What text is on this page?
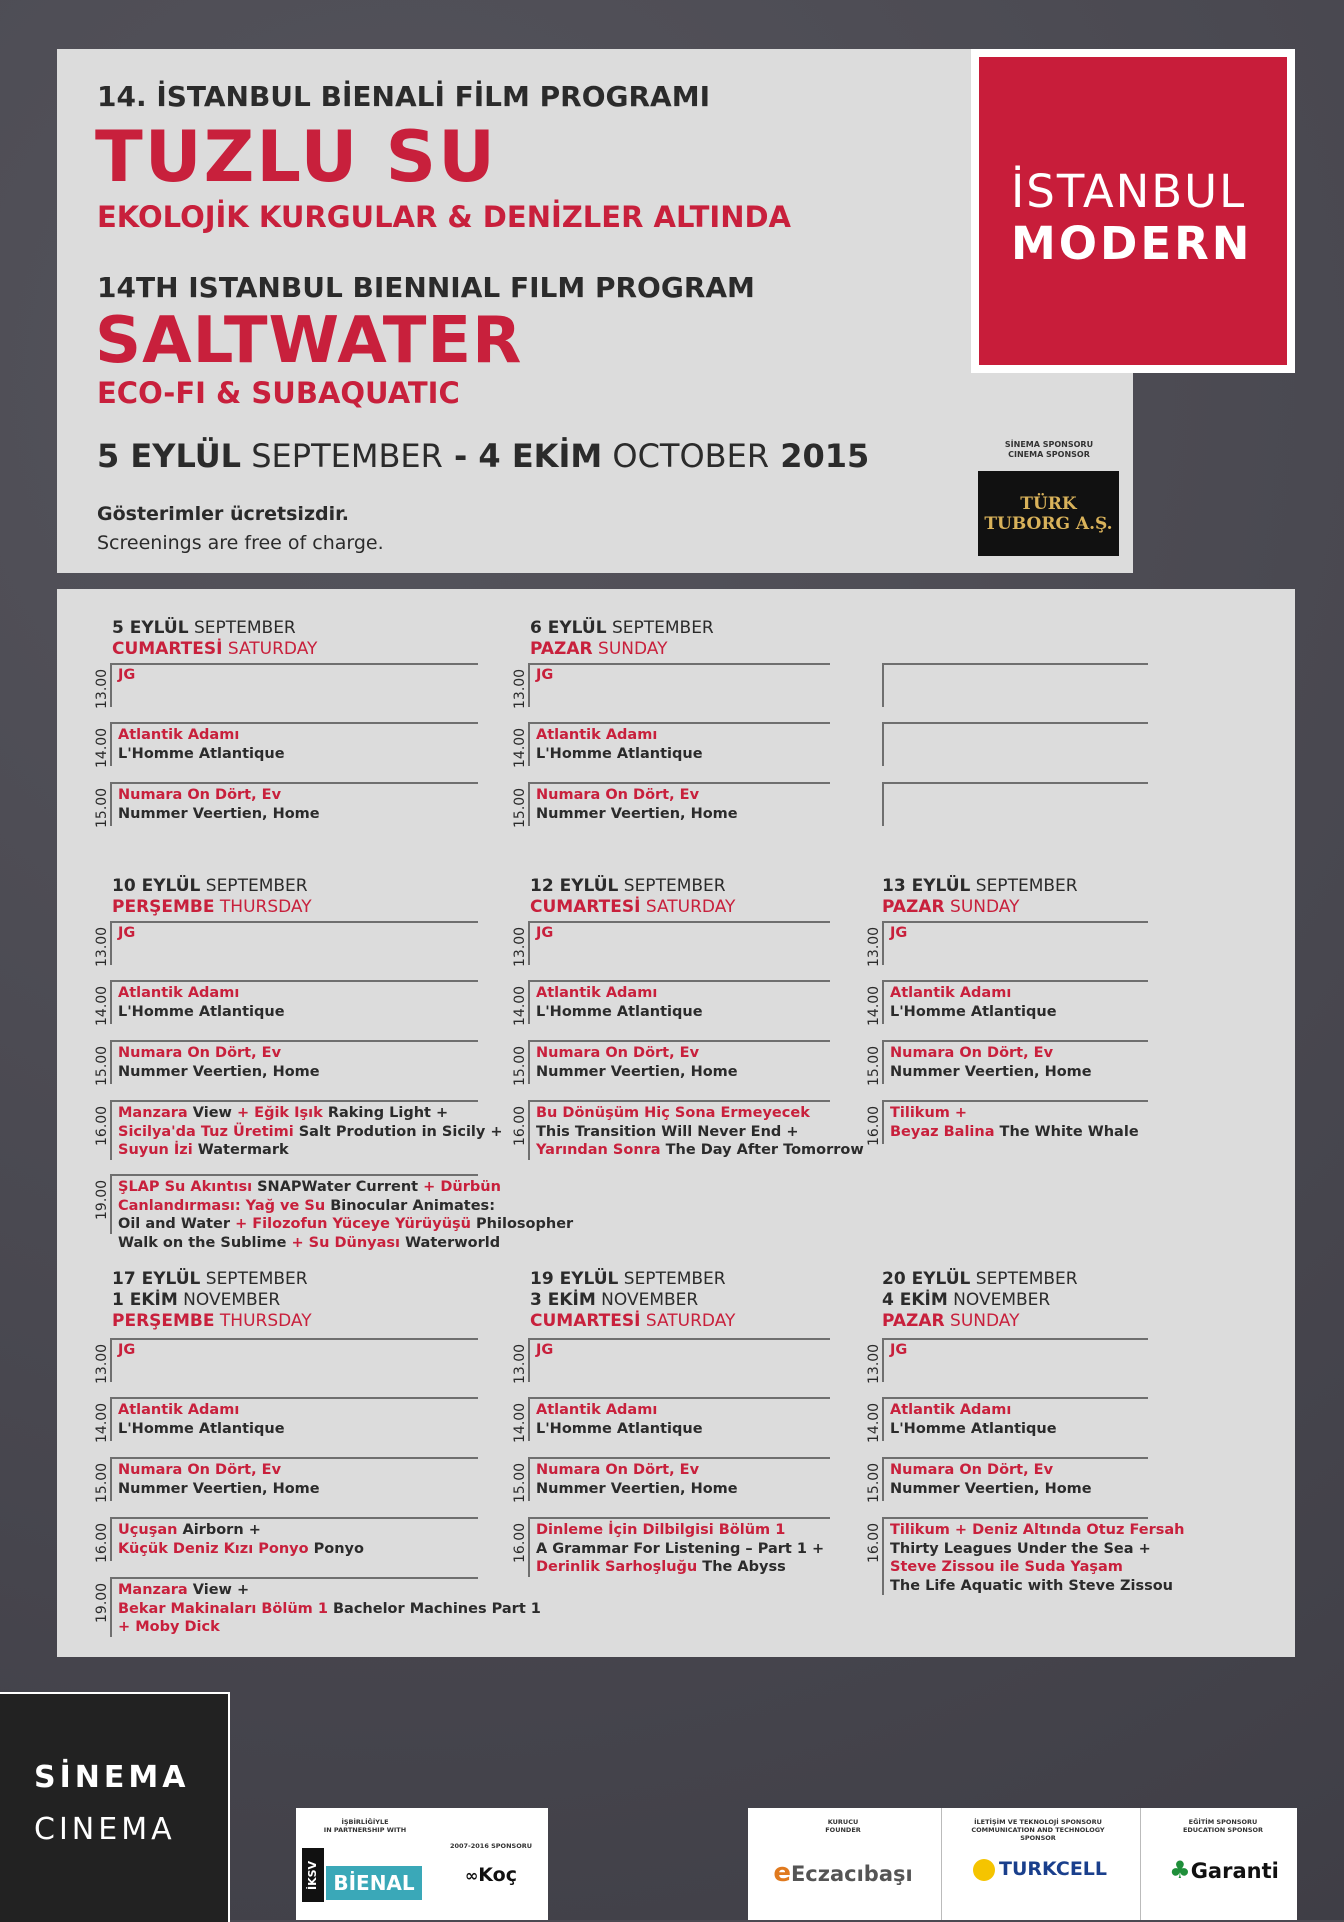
14. İSTANBUL BİENALİ FİLM PROGRAMI
TUZLU SU
EKOLOJİK KURGULAR & DENİZLER ALTINDA
14TH ISTANBUL BIENNIAL FILM PROGRAM
SALTWATER
ECO-FI & SUBAQUATIC
5 EYLÜL SEPTEMBER - 4 EKİM OCTOBER 2015
Gösterimler ücretsizdir.
Screenings are free of charge.
İSTANBUL
MODERN
SİNEMA SPONSORU
CINEMA SPONSOR
TÜRK
TUBORG A.Ş.
5 EYLÜL SEPTEMBER
CUMARTESİ SATURDAY
6 EYLÜL SEPTEMBER
PAZAR SUNDAY
13.00 JG
14.00 Atlantik Adamı
L'Homme Atlantique
15.00 Numara On Dört, Ev
Nummer Veertien, Home
13.00 JG
14.00 Atlantik Adamı
L'Homme Atlantique
15.00 Numara On Dört, Ev
Nummer Veertien, Home
10 EYLÜL SEPTEMBER
PERŞEMBE THURSDAY
12 EYLÜL SEPTEMBER
CUMARTESİ SATURDAY
13 EYLÜL SEPTEMBER
PAZAR SUNDAY
13.00 JG
14.00 Atlantik Adamı
L'Homme Atlantique
15.00 Numara On Dört, Ev
Nummer Veertien, Home
16.00 Manzara View + Eğik Işık Raking Light +
Sicilya'da Tuz Üretimi Salt Prodution in Sicily +
Suyun İzi Watermark
19.00 ŞLAP Su Akıntısı SNAPWater Current + Dürbün
Canlandırması: Yağ ve Su Binocular Animates:
Oil and Water + Filozofun Yüceye Yürüyüşü Philosopher
Walk on the Sublime + Su Dünyası Waterworld
13.00 JG
14.00 Atlantik Adamı
L'Homme Atlantique
15.00 Numara On Dört, Ev
Nummer Veertien, Home
16.00 Bu Dönüşüm Hiç Sona Ermeyecek
This Transition Will Never End +
Yarından Sonra The Day After Tomorrow
13.00 JG
14.00 Atlantik Adamı
L'Homme Atlantique
15.00 Numara On Dört, Ev
Nummer Veertien, Home
16.00 Tilikum +
Beyaz Balina The White Whale
17 EYLÜL SEPTEMBER
1 EKİM NOVEMBER
PERŞEMBE THURSDAY
19 EYLÜL SEPTEMBER
3 EKİM NOVEMBER
CUMARTESİ SATURDAY
20 EYLÜL SEPTEMBER
4 EKİM NOVEMBER
PAZAR SUNDAY
13.00 JG
14.00 Atlantik Adamı
L'Homme Atlantique
15.00 Numara On Dört, Ev
Nummer Veertien, Home
16.00 Uçuşan Airborn +
Küçük Deniz Kızı Ponyo Ponyo
19.00 Manzara View +
Bekar Makinaları Bölüm 1 Bachelor Machines Part 1
+ Moby Dick
13.00 JG
14.00 Atlantik Adamı
L'Homme Atlantique
15.00 Numara On Dört, Ev
Nummer Veertien, Home
16.00 Dinleme İçin Dilbilgisi Bölüm 1
A Grammar For Listening – Part 1 +
Derinlik Sarhoşluğu The Abyss
13.00 JG
14.00 Atlantik Adamı
L'Homme Atlantique
15.00 Numara On Dört, Ev
Nummer Veertien, Home
16.00 Tilikum + Deniz Altında Otuz Fersah
Thirty Leagues Under the Sea +
Steve Zissou ile Suda Yaşam
The Life Aquatic with Steve Zissou
SİNEMA
CINEMA	İŞBİRLİĞİYLE
IN PARTNERSHIP WITH
İKSV BİENAL
2007-2016 SPONSORU
∞Koç
KURUCU
FOUNDER
eEczacıbaşı
İLETİŞİM VE TEKNOLOJİ SPONSORU
COMMUNICATION AND TECHNOLOGY SPONSOR
TURKCELL
EĞİTİM SPONSORU
EDUCATION SPONSOR
♣Garanti
